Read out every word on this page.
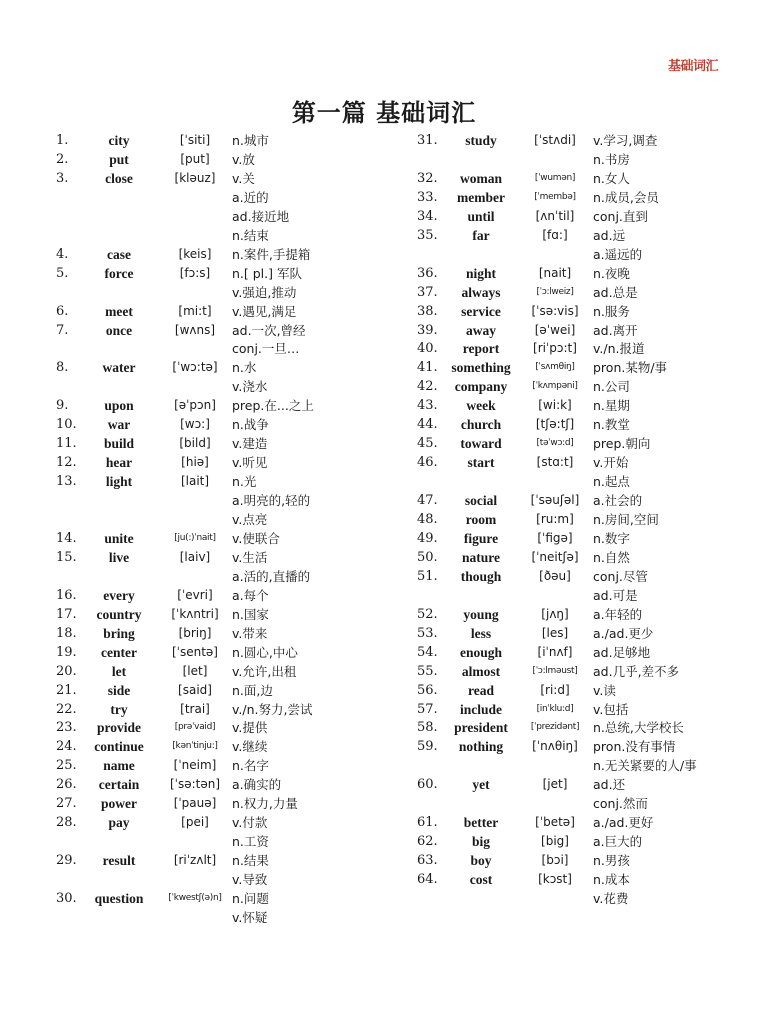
基础词汇
第一篇 基础词汇
1.	city	[ˈsiti]	n.城市
2.	put	[put]	v.放
3.	close	[kləuz]	v.关
a.近的
ad.接近地
n.结束
4.	case	[keis]	n.案件,手提箱
5.	force	[fɔ:s]	n.[ pl.] 军队
v.强迫,推动
6.	meet	[mi:t]	v.遇见,满足
7.	once	[wʌns]	ad.一次,曾经
conj.一旦…
8.	water	[ˈwɔ:tə]	n.水
v.浇水
9.	upon	[əˈpɔn]	prep.在...之上
10.	war	[wɔ:]	n.战争
11.	build	[bild]	v.建造
12.	hear	[hiə]	v.听见
13.	light	[lait]	n.光
a.明亮的,轻的
v.点亮
14.	unite	[ju(:)ˈnait]	v.使联合
15.	live	[laiv]	v.生活
a.活的,直播的
16.	every	[ˈevri]	a.每个
17.	country	[ˈkʌntri]	n.国家
18.	bring	[briŋ]	v.带来
19.	center	[ˈsentə]	n.圆心,中心
20.	let	[let]	v.允许,出租
21.	side	[said]	n.面,边
22.	try	[trai]	v./n.努力,尝试
23.	provide	[prəˈvaid]	v.提供
24.	continue	[kənˈtinju:]	v.继续
25.	name	[ˈneim]	n.名字
26.	certain	[ˈsə:tən] a.确实的
27.	power	[ˈpauə]	n.权力,力量
28.	pay	[pei]	v.付款
n.工资
29.	result	[riˈzʌlt]	n.结果
v.导致
30.	question	[ˈkwestʃ(ə)n] n.问题
v.怀疑
31.	study	[ˈstʌdi]	v.学习,调查
n.书房
32.	woman	[ˈwumən]	n.女人
33.	member	[ˈmembə]	n.成员,会员
34.	until	[ʌnˈtil]	conj.直到
35.	far	[fɑ:]	ad.远
a.遥远的
36.	night	[nait]	n.夜晚
37.	always	[ˈɔ:lweiz]	ad.总是
38.	service	[ˈsə:vis]	n.服务
39.	away	[əˈwei]	ad.离开
40.	report	[riˈpɔ:t]	v./n.报道
41.	something	[ˈsʌmθiŋ]	pron.某物/事
42.	company	[ˈkʌmpəni]	n.公司
43.	week	[wi:k]	n.星期
44.	church	[tʃə:tʃ]	n.教堂
45.	toward	[təˈwɔ:d]	prep.朝向
46.	start	[stɑ:t]	v.开始
n.起点
47.	social	[ˈsəuʃəl]	a.社会的
48.	room	[ru:m]	n.房间,空间
49.	figure	[ˈfigə]	n.数字
50.	nature	[ˈneitʃə]	n.自然
51.	though	[ðəu]	conj.尽管
ad.可是
52.	young	[jʌŋ]	a.年轻的
53.	less	[les]	a./ad.更少
54.	enough	[iˈnʌf]	ad.足够地
55.	almost	[ˈɔ:lməust]	ad.几乎,差不多
56.	read	[ri:d]	v.读
57.	include	[inˈklu:d]	v.包括
58.	president	[ˈprezidənt]	n.总统,大学校长
59.	nothing	[ˈnʌθiŋ]	pron.没有事情
n.无关紧要的人/事
60.	yet	[jet]	ad.还
conj.然而
61.	better	[ˈbetə]	a./ad.更好
62.	big	[big]	a.巨大的
63.	boy	[bɔi]	n.男孩
64.	cost	[kɔst]	n.成本
v.花费
